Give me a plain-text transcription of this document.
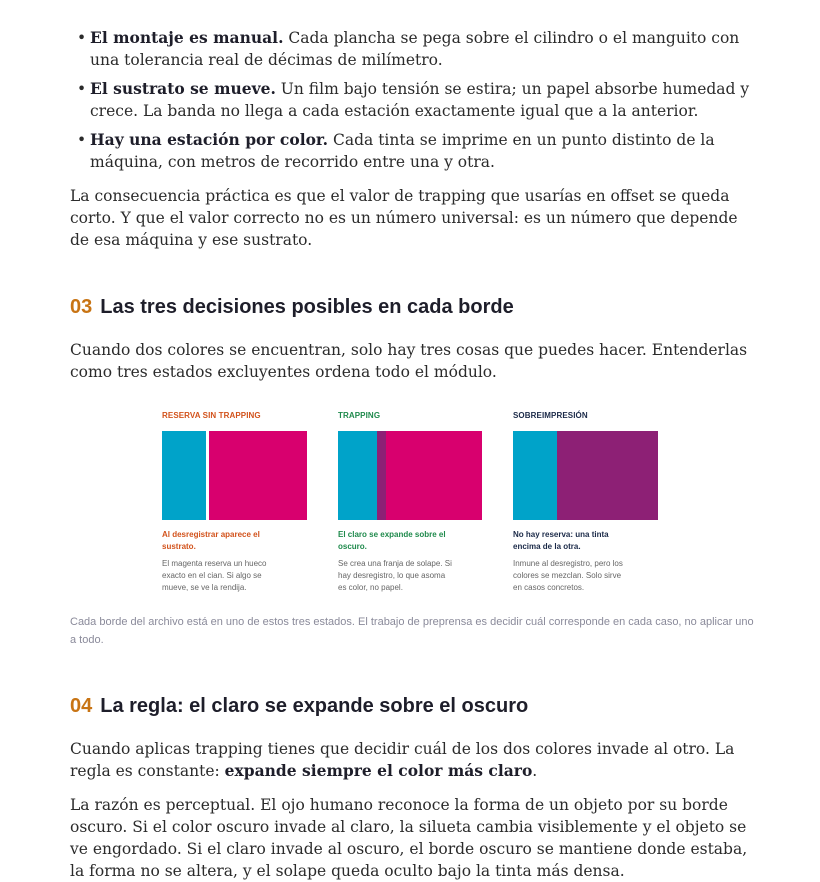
• El montaje es manual. Cada plancha se pega sobre el cilindro o el manguito con una tolerancia real de décimas de milímetro.
• El sustrato se mueve. Un film bajo tensión se estira; un papel absorbe humedad y crece. La banda no llega a cada estación exactamente igual que a la anterior.
• Hay una estación por color. Cada tinta se imprime en un punto distinto de la máquina, con metros de recorrido entre una y otra.

La consecuencia práctica es que el valor de trapping que usarías en offset se queda corto. Y que el valor correcto no es un número universal: es un número que depende de esa máquina y ese sustrato.

03 Las tres decisiones posibles en cada borde

Cuando dos colores se encuentran, solo hay tres cosas que puedes hacer. Entenderlas como tres estados excluyentes ordena todo el módulo.

RESERVA SIN TRAPPING
Al desregistrar aparece el sustrato.
El magenta reserva un hueco exacto en el cian. Si algo se mueve, se ve la rendija.
TRAPPING
El claro se expande sobre el oscuro.
Se crea una franja de solape. Si hay desregistro, lo que asoma es color, no papel.
SOBREIMPRESIÓN
No hay reserva: una tinta encima de la otra.
Inmune al desregistro, pero los colores se mezclan. Solo sirve en casos concretos.
Cada borde del archivo está en uno de estos tres estados. El trabajo de preprensa es decidir cuál corresponde en cada caso, no aplicar uno a todo.
04 La regla: el claro se expande sobre el oscuro

Cuando aplicas trapping tienes que decidir cuál de los dos colores invade al otro. La regla es constante: expande siempre el color más claro.

La razón es perceptual. El ojo humano reconoce la forma de un objeto por su borde oscuro. Si el color oscuro invade al claro, la silueta cambia visiblemente y el objeto se ve engordado. Si el claro invade al oscuro, el borde oscuro se mantiene donde estaba, la forma no se altera, y el solape queda oculto bajo la tinta más densa.
